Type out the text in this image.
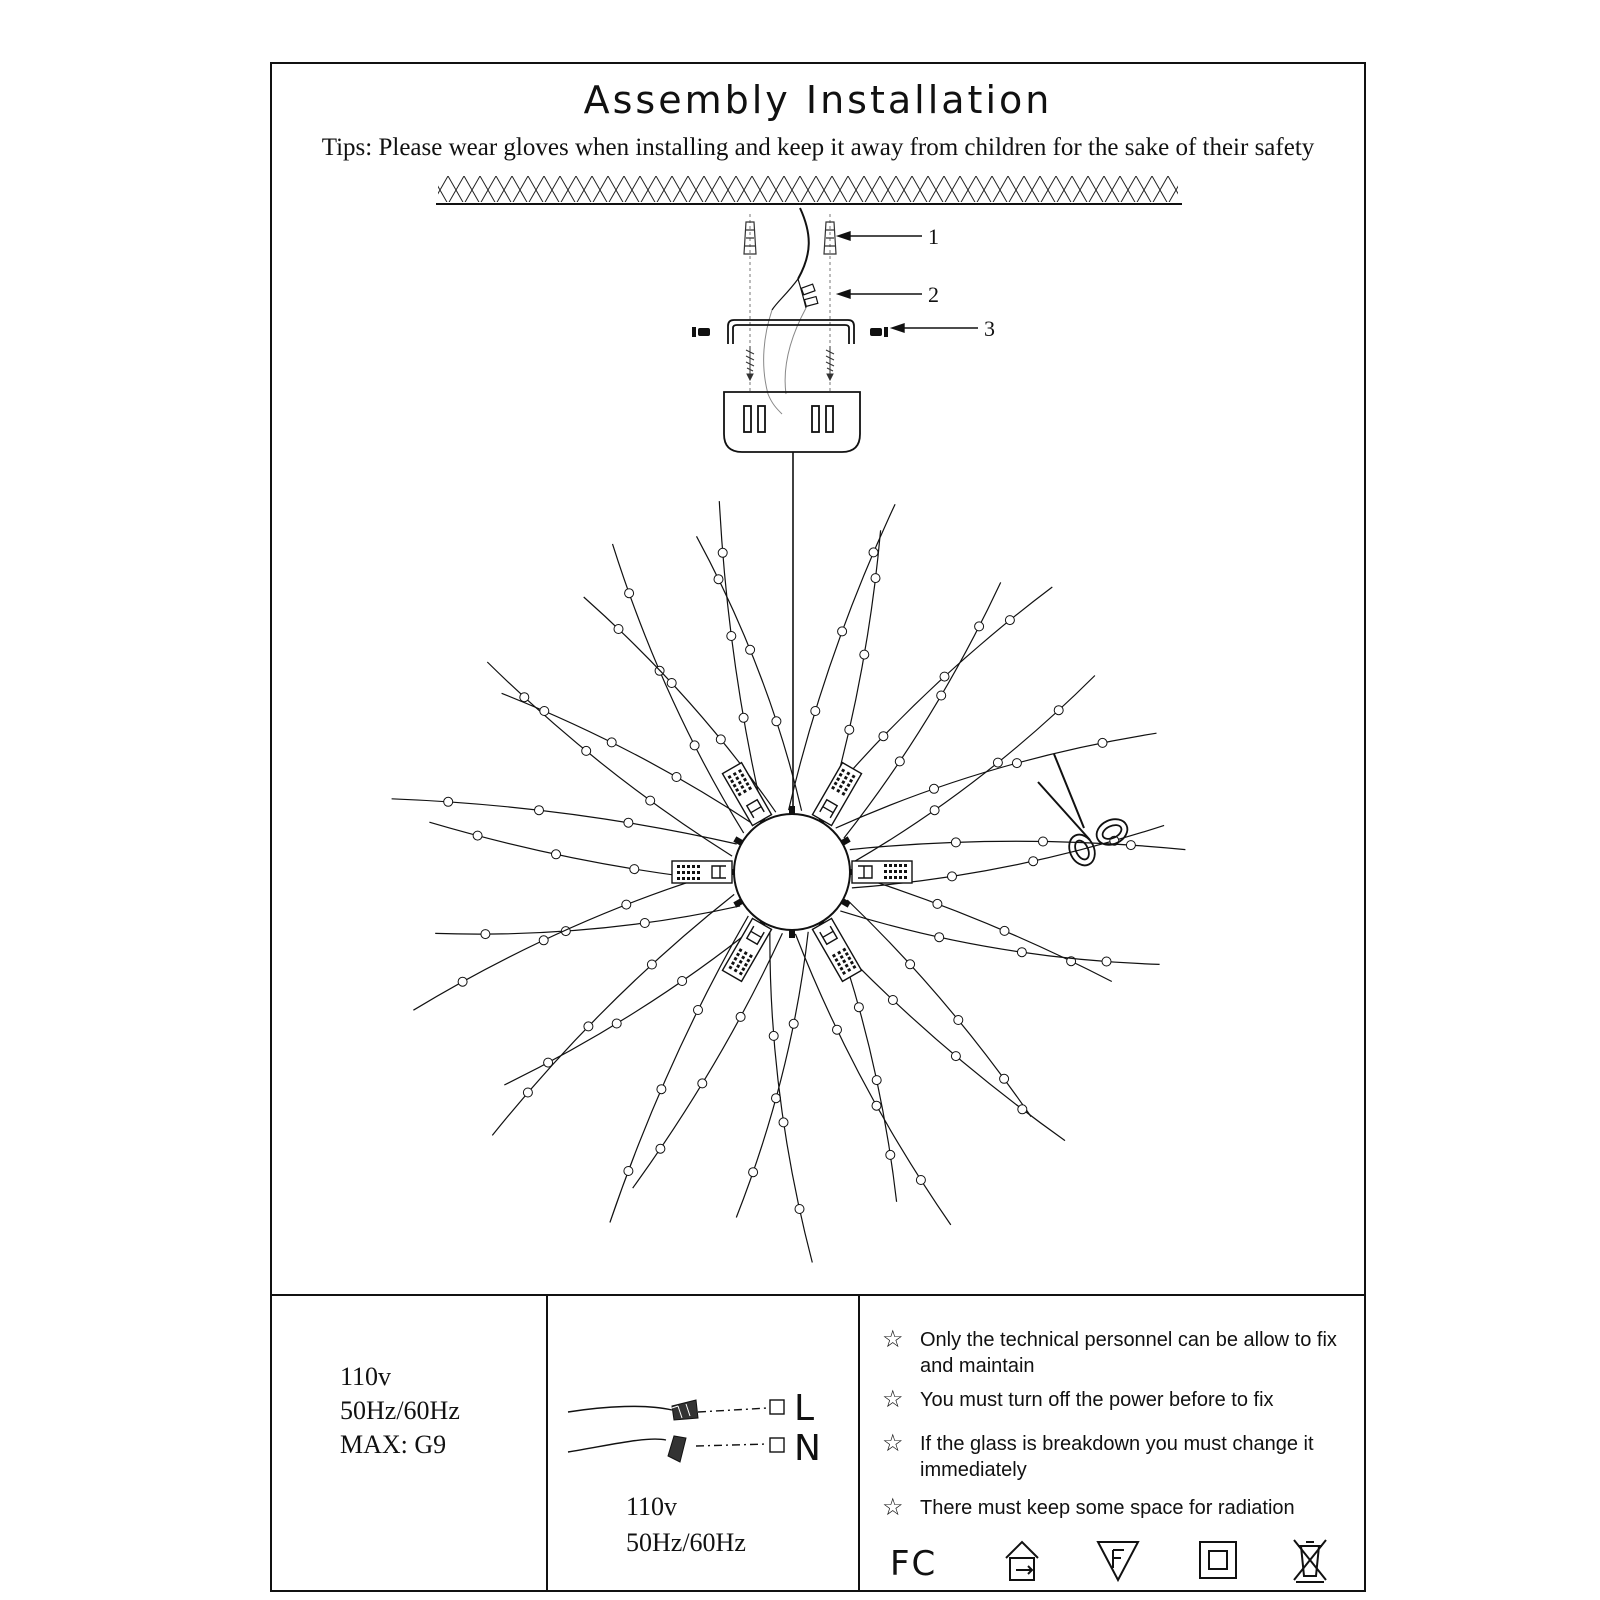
Assembly Installation
Tips: Please wear gloves when installing and keep it away from children for the sake of their safety
1
2
3
110v
50Hz/60Hz
MAX: G9
L
N
110v
50Hz/60Hz
☆ Only the technical personnel can be allow to fix and maintain
☆ You must turn off the power before to fix
☆ If the glass is breakdown you must change it immediately
☆ There must keep some space for radiation
FC
